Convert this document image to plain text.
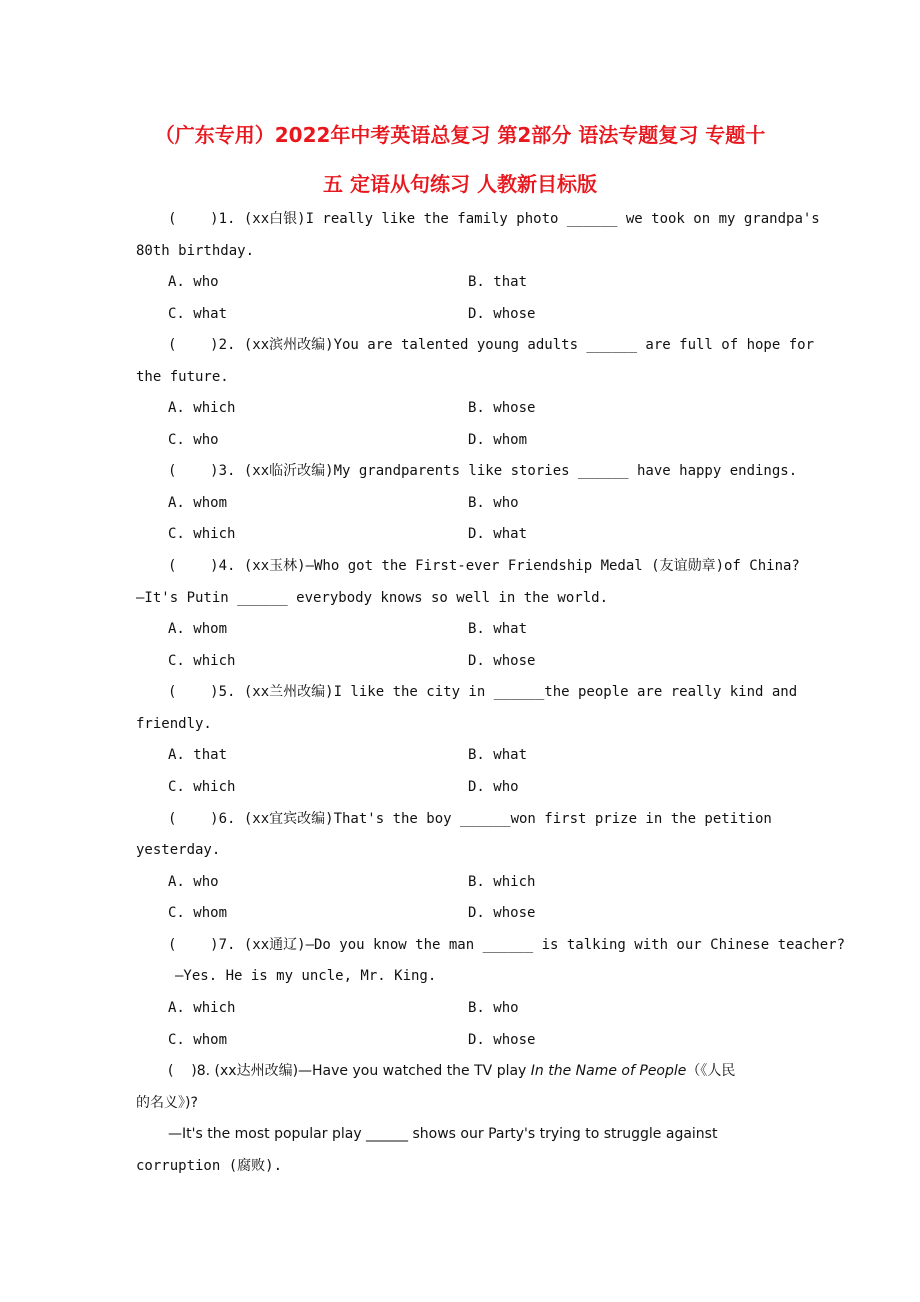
（广东专用）2022年中考英语总复习 第2部分 语法专题复习 专题十
五 定语从句练习 人教新目标版
(    )1. (xx白银)I really like the family photo ______ we took on my grandpa's
80th birthday.
A. who	B. that
C. what	D. whose
(    )2. (xx滨州改编)You are talented young adults ______ are full of hope for
the future.
A. which	B. whose
C. who	D. whom
(    )3. (xx临沂改编)My grandparents like stories ______ have happy endings.
A. whom	B. who
C. which	D. what
(    )4. (xx玉林)—Who got the First-ever Friendship Medal (友谊勋章)of China?
—It's Putin ______ everybody knows so well in the world.
A. whom	B. what
C. which	D. whose
(    )5. (xx兰州改编)I like the city in ______the people are really kind and
friendly.
A. that	B. what
C. which	D. who
(    )6. (xx宜宾改编)That's the boy ______won first prize in the petition
yesterday.
A. who	B. which
C. whom	D. whose
(    )7. (xx通辽)—Do you know the man ______ is talking with our Chinese teacher?
—Yes. He is my uncle, Mr. King.
A. which	B. who
C. whom	D. whose
(    )8. (xx达州改编)—Have you watched the TV play In the Name of People（《人民
的名义》)?
—It's the most popular play ______ shows our Party's trying to struggle against
corruption (腐败).
